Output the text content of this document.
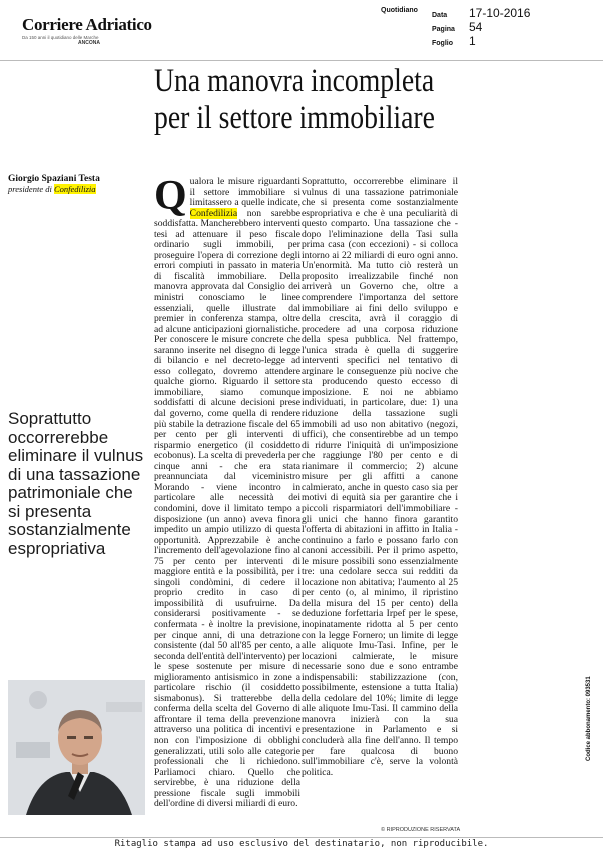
Corriere Adriatico
Da 150 anni il quotidiano delle Marche
ANCONA
Quotidiano
Data	17-10-2016
Pagina	54
Foglio	1
Una manovra incompleta
per il settore immobiliare
Giorgio Spaziani Testa
presidente di Confedilizia
Soprattutto occorrerebbe eliminare il vulnus di una tassazione patrimoniale che si presenta sostanzialmente espropriativa
Qualora le misure riguardanti il settore immobiliare si limitassero a quelle indicate, Confedilizia non sarebbe soddisfatta. Mancherebbero interventi tesi ad attenuare il peso fiscale ordinario sugli immobili, per proseguire l'opera di correzione degli errori compiuti in passato in materia di fiscalità immobiliare. Della manovra approvata dal Consiglio dei ministri conosciamo le linee essenziali, quelle illustrate dal premier in conferenza stampa, oltre ad alcune anticipazioni giornalistiche. Per conoscere le misure concrete che saranno inserite nel disegno di legge di bilancio e nel decreto-legge ad esso collegato, dovremo attendere qualche giorno. Riguardo il settore immobiliare, siamo comunque soddisfatti di alcune decisioni prese dal governo, come quella di rendere più stabile la detrazione fiscale del 65 per cento per gli interventi di risparmio energetico (il cosiddetto ecobonus). La scelta di prevederla per cinque anni - che era stata preannunciata dal viceministro Morando - viene incontro in particolare alle necessità dei condomini, dove il limitato tempo a disposizione (un anno) aveva finora impedito un ampio utilizzo di questa opportunità. Apprezzabile è anche l'incremento dell'agevolazione fino al 75 per cento per interventi di maggiore entità e la possibilità, per i singoli condòmini, di cedere il proprio credito in caso di impossibilità di usufruirne. Da considerarsi positivamente - se confermata - è inoltre la previsione, per cinque anni, di una detrazione consistente (dal 50 all'85 per cento, a seconda dell'entità dell'intervento) per le spese sostenute per misure di miglioramento antisismico in zone a particolare rischio (il cosiddetto sismabonus). Si tratterebbe della conferma della scelta del Governo di affrontare il tema della prevenzione attraverso una politica di incentivi e non con l'imposizione di obblighi generalizzati, utili solo alle categorie professionali che li richiedono. Parliamoci chiaro. Quello che servirebbe, è una riduzione della pressione fiscale sugli immobili dell'ordine di diversi miliardi di euro.
Soprattutto, occorrerebbe eliminare il vulnus di una tassazione patrimoniale che si presenta come sostanzialmente espropriativa e che è una peculiarità di questo comparto. Una tassazione che - dopo l'eliminazione della Tasi sulla prima casa (con eccezioni) - si colloca intorno ai 22 miliardi di euro ogni anno. Un'enormità. Ma tutto ciò resterà un proposito irrealizzabile finché non arriverà un Governo che, oltre a comprendere l'importanza del settore immobiliare ai fini dello sviluppo e della crescita, avrà il coraggio di procedere ad una corposa riduzione della spesa pubblica. Nel frattempo, l'unica strada è quella di suggerire interventi specifici nel tentativo di arginare le conseguenze più nocive che sta producendo questo eccesso di imposizione. E noi ne abbiamo individuati, in particolare, due: 1) una riduzione della tassazione sugli immobili ad uso non abitativo (negozi, uffici), che consentirebbe ad un tempo di ridurre l'iniquità di un'imposizione che raggiunge l'80 per cento e di rianimare il commercio; 2) alcune misure per gli affitti a canone calmierato, anche in questo caso sia per motivi di equità sia per garantire che i piccoli risparmiatori dell'immobiliare - gli unici che hanno finora garantito l'offerta di abitazioni in affitto in Italia - continuino a farlo e possano farlo con canoni accessibili. Per il primo aspetto, le misure possibili sono essenzialmente tre: una cedolare secca sui redditi da locazione non abitativa; l'aumento al 25 per cento (o, al minimo, il ripristino della misura del 15 per cento) della deduzione forfettaria Irpef per le spese, inopinatamente ridotta al 5 per cento con la legge Fornero; un limite di legge alle aliquote Imu-Tasi. Infine, per le locazioni calmierate, le misure necessarie sono due e sono entrambe indispensabili: stabilizzazione (con, possibilmente, estensione a tutta Italia) della cedolare del 10%; limite di legge alle aliquote Imu-Tasi. Il cammino della manovra inizierà con la sua presentazione in Parlamento e si concluderà alla fine dell'anno. Il tempo per fare qualcosa di buono sull'immobiliare c'è, serve la volontà politica.
© RIPRODUZIONE RISERVATA
Codice abbonamento: 093531
Ritaglio stampa ad uso esclusivo del destinatario, non riproducibile.
